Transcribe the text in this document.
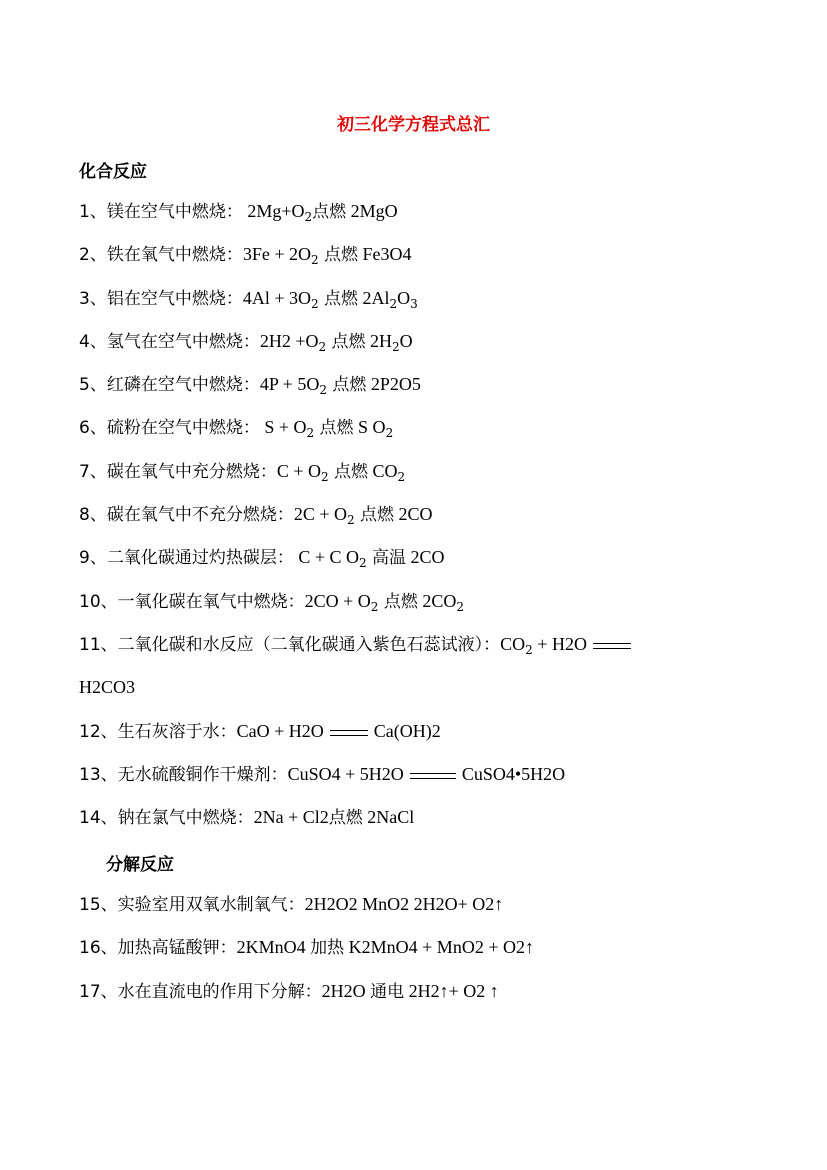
初三化学方程式总汇
化合反应
1、镁在空气中燃烧： $2Mg+O_2$点燃 2MgO
2、铁在氧气中燃烧：$3Fe + 2O_2$ 点燃 Fe3O4
3、铝在空气中燃烧：$4Al + 3O_2$ 点燃 $2Al_2O_3$
4、氢气在空气中燃烧：$2H2 +O_2$ 点燃 $2H_2O$
5、红磷在空气中燃烧：$4P + 5O_2$ 点燃 2P2O5
6、硫粉在空气中燃烧： $S + O_2$ 点燃 S $O_2$
7、碳在氧气中充分燃烧：$C + O_2$ 点燃 $CO_2$
8、碳在氧气中不充分燃烧：$2C + O_2$ 点燃 2CO
9、二氧化碳通过灼热碳层： C + C $O_2$ 高温 2CO
10、一氧化碳在氧气中燃烧：$2CO + O_2$ 点燃 $2CO_2$
11、二氧化碳和水反应（二氧化碳通入紫色石蕊试液）：$CO_2 + H2O$
H2CO3
12、生石灰溶于水：CaO + H2O	Ca(OH)2
13、无水硫酸铜作干燥剂：CuSO4 + 5H2O	CuSO4•5H2O
14、钠在氯气中燃烧：2Na + Cl2点燃 2NaCl
分解反应
15、实验室用双氧水制氧气：2H2O2 MnO2 2H2O+ O2↑
16、加热高锰酸钾：2KMnO4 加热 K2MnO4 + MnO2 + O2↑
17、水在直流电的作用下分解：2H2O 通电 2H2↑+ O2 ↑
